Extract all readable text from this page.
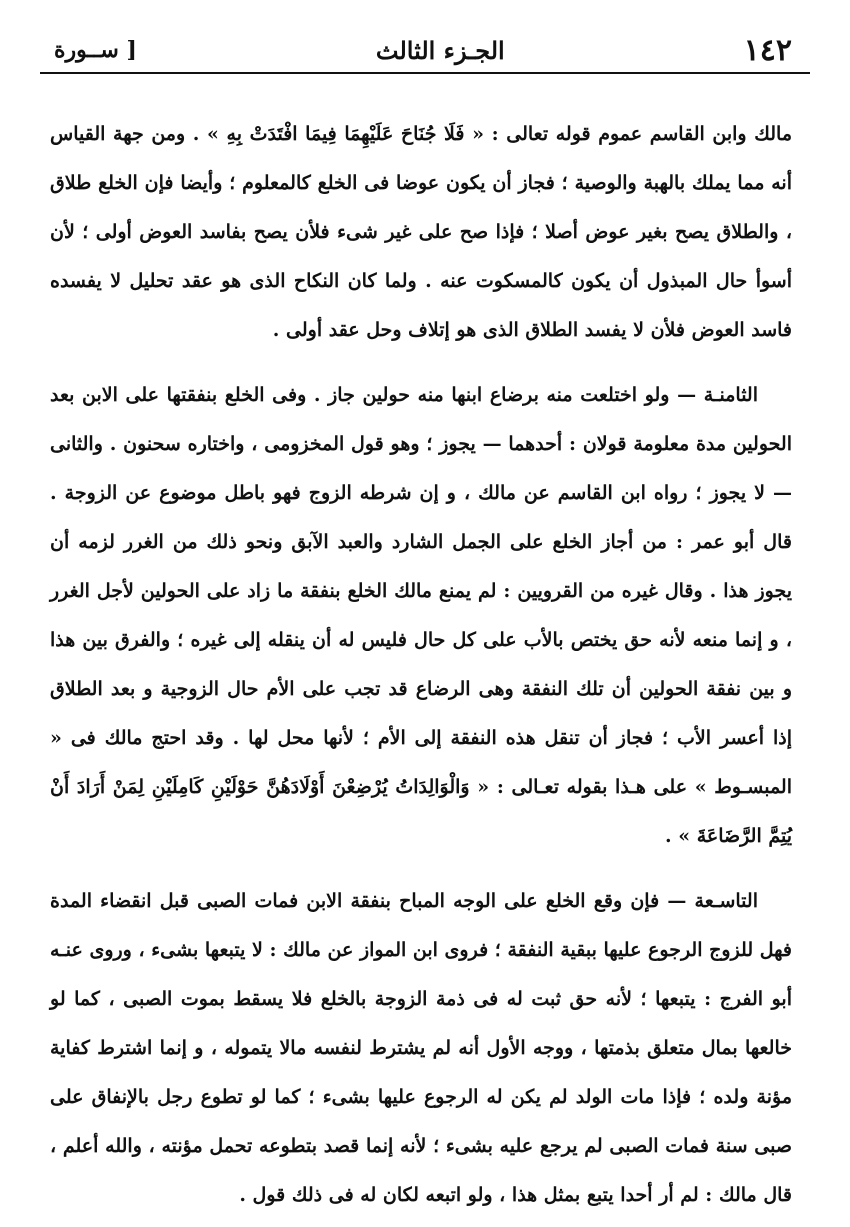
١٤٢
الجـزء الثالث
[ ســورة

مالك وابن القاسم عموم قوله تعالى : « فَلَا جُنَاحَ عَلَيْهِمَا فِيمَا افْتَدَتْ بِهِ » . ومن جهة القياس أنه مما يملك بالهبة والوصية ؛ فجاز أن يكون عوضا فى الخلع كالمعلوم ؛ وأيضا فإن الخلع طلاق ، والطلاق يصح بغير عوض أصلا ؛ فإذا صح على غير شىء فلأن يصح بفاسد العوض أولى ؛ لأن أسوأ حال المبذول أن يكون كالمسكوت عنه . ولما كان النكاح الذى هو عقد تحليل لا يفسده فاسد العوض فلأن لا يفسد الطلاق الذى هو إتلاف وحل عقد أولى .

الثامنـة — ولو اختلعت منه برضاع ابنها منه حولين جاز . وفى الخلع بنفقتها على الابن بعد الحولين مدة معلومة قولان : أحدهما — يجوز ؛ وهو قول المخزومى ، واختاره سحنون . والثانى — لا يجوز ؛ رواه ابن القاسم عن مالك ، و إن شرطه الزوج فهو باطل موضوع عن الزوجة . قال أبو عمر : من أجاز الخلع على الجمل الشارد والعبد الآبق ونحو ذلك من الغرر لزمه أن يجوز هذا . وقال غيره من القرويين : لم يمنع مالك الخلع بنفقة ما زاد على الحولين لأجل الغرر ، و إنما منعه لأنه حق يختص بالأب على كل حال فليس له أن ينقله إلى غيره ؛ والفرق بين هذا و بين نفقة الحولين أن تلك النفقة وهى الرضاع قد تجب على الأم حال الزوجية و بعد الطلاق إذا أعسر الأب ؛ فجاز أن تنقل هذه النفقة إلى الأم ؛ لأنها محل لها . وقد احتج مالك فى « المبسـوط » على هـذا بقوله تعـالى : « وَالْوَالِدَاتُ يُرْضِعْنَ أَوْلَادَهُنَّ حَوْلَيْنِ كَامِلَيْنِ لِمَنْ أَرَادَ أَنْ يُتِمَّ الرَّضَاعَةَ » .

التاسـعة — فإن وقع الخلع على الوجه المباح بنفقة الابن فمات الصبى قبل انقضاء المدة فهل للزوج الرجوع عليها ببقية النفقة ؛ فروى ابن المواز عن مالك : لا يتبعها بشىء ، وروى عنـه أبو الفرج : يتبعها ؛ لأنه حق ثبت له فى ذمة الزوجة بالخلع فلا يسقط بموت الصبى ، كما لو خالعها بمال متعلق بذمتها ، ووجه الأول أنه لم يشترط لنفسه مالا يتموله ، و إنما اشترط كفاية مؤنة ولده ؛ فإذا مات الولد لم يكن له الرجوع عليها بشىء ؛ كما لو تطوع رجل بالإنفاق على صبى سنة فمات الصبى لم يرجع عليه بشىء ؛ لأنه إنما قصد بتطوعه تحمل مؤنته ، والله أعلم ، قال مالك : لم أر أحدا يتبع بمثل هذا ، ولو اتبعه لكان له فى ذلك قول .
